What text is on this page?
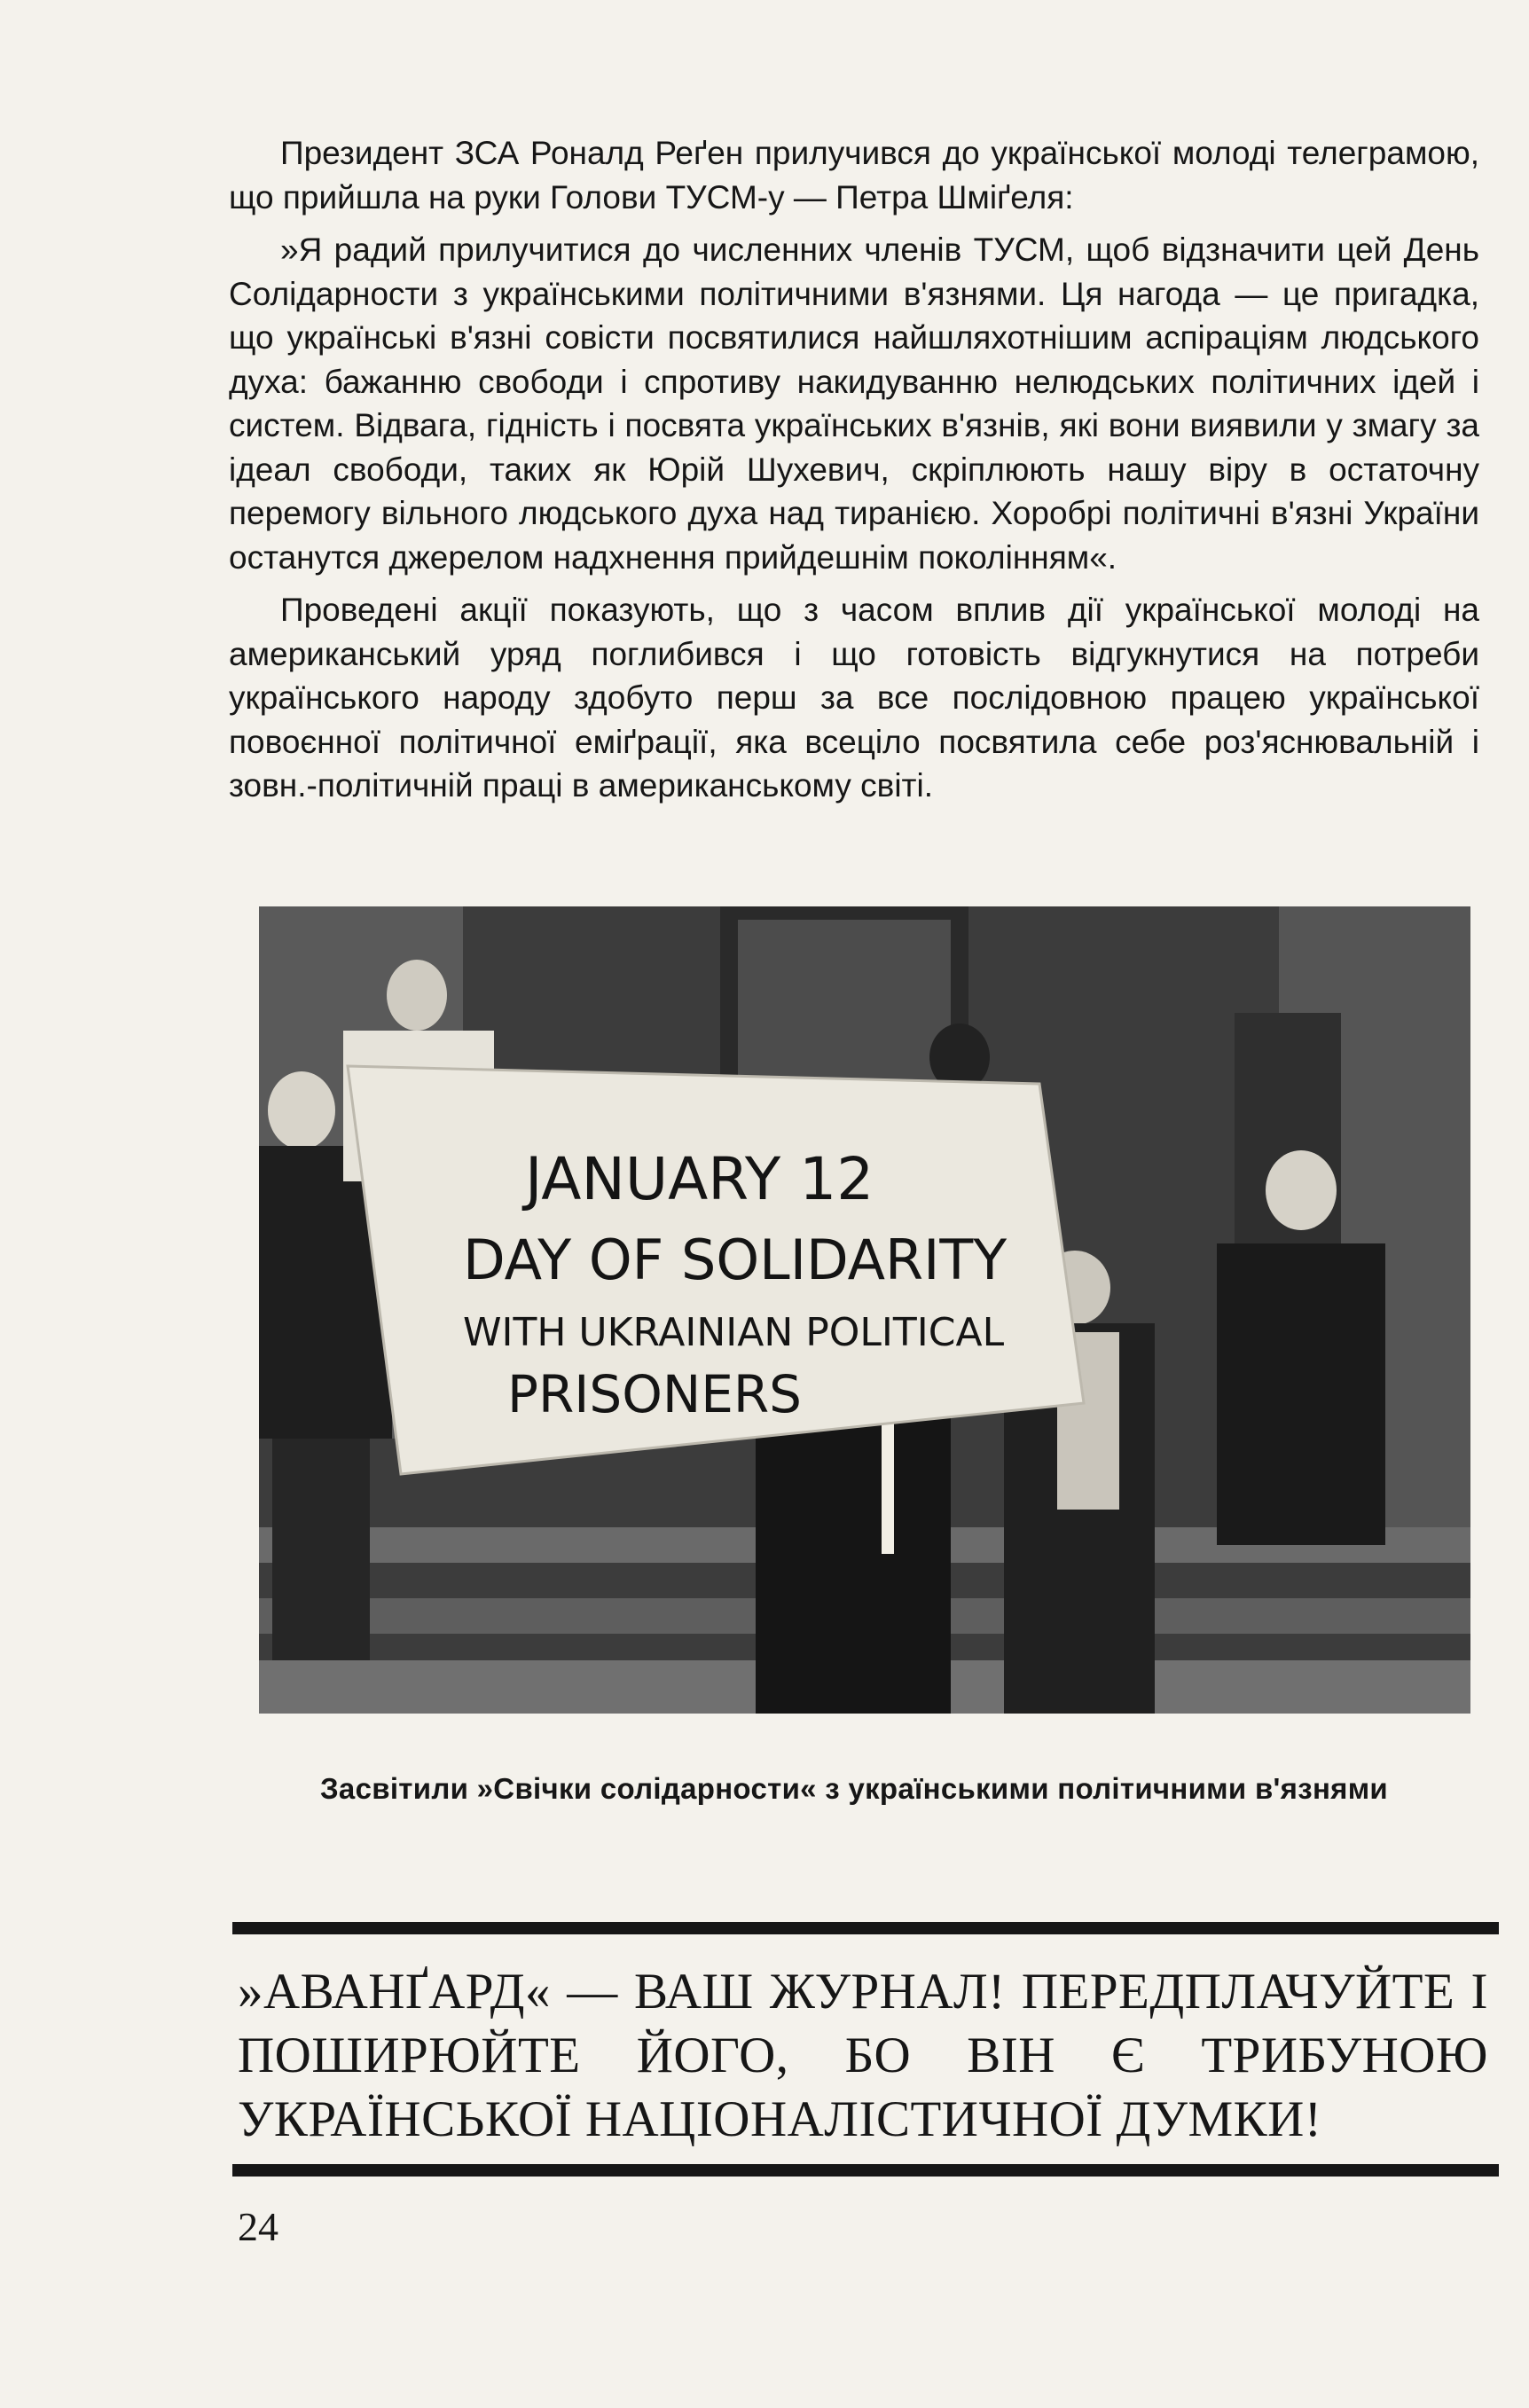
Президент ЗСА Роналд Реґен прилучився до української молоді телеграмою, що прийшла на руки Голови ТУСМ-у — Петра Шміґеля:

»Я радий прилучитися до численних членів ТУСМ, щоб відзначити цей День Солідарности з українськими політичними в'язнями. Ця нагода — це пригадка, що українські в'язні совісти посвятилися найшляхотнішим аспіраціям людського духа: бажанню свободи і спротиву накидуванню нелюдських політичних ідей і систем. Відвага, гідність і посвята українських в'язнів, які вони виявили у змагу за ідеал свободи, таких як Юрій Шухевич, скріплюють нашу віру в остаточну перемогу вільного людського духа над тиранією. Хоробрі політичні в'язні України останутся джерелом надхнення прийдешнім поколінням«.

Проведені акції показують, що з часом вплив дії української молоді на американський уряд поглибився і що готовість відгукнутися на потреби українського народу здобуто перш за все послідовною працею української повоєнної політичної еміґрації, яка всеціло посвятила себе роз'яснювальній і зовн.-політичній праці в американському світі.

JANUARY 12
DAY OF SOLIDARITY
WITH UKRAINIAN POLITICAL
PRISONERS
Засвітили »Свічки солідарности« з українськими політичними в'язнями
»АВАНҐАРД« — ВАШ ЖУРНАЛ! ПЕРЕДПЛАЧУЙТЕ І ПОШИРЮЙТЕ ЙОГО, БО ВІН Є ТРИБУНОЮ УКРАЇНСЬКОЇ НАЦІОНАЛІСТИЧНОЇ ДУМКИ!
24
